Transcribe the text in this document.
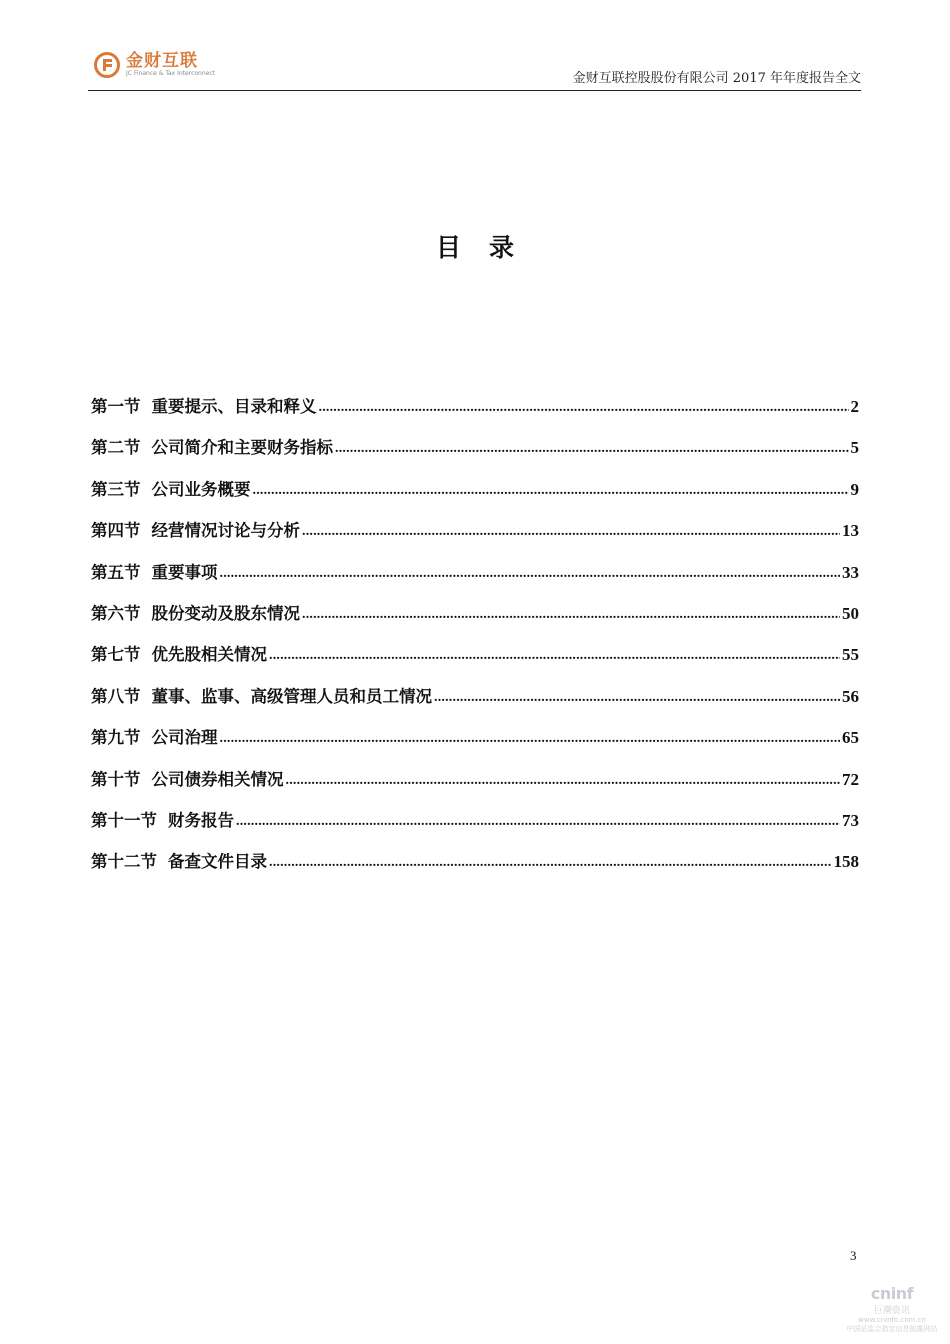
金财互联
JC Finance & Tax Interconnect	金财互联控股股份有限公司 2017 年年度报告全文
目录
第一节 重要提示、目录和释义 .....	2
第二节 公司简介和主要财务指标 .....	5
第三节 公司业务概要 .....	9
第四节 经营情况讨论与分析 .....	13
第五节 重要事项 .....	33
第六节 股份变动及股东情况 .....	50
第七节 优先股相关情况 .....	55
第八节 董事、监事、高级管理人员和员工情况 .....	56
第九节 公司治理 .....	65
第十节 公司债券相关情况 .....	72
第十一节 财务报告 .....	73
第十二节 备查文件目录 .....	158
3
cninf
巨潮资讯
www.cninfo.com.cn
中国证监会指定信息披露网站
